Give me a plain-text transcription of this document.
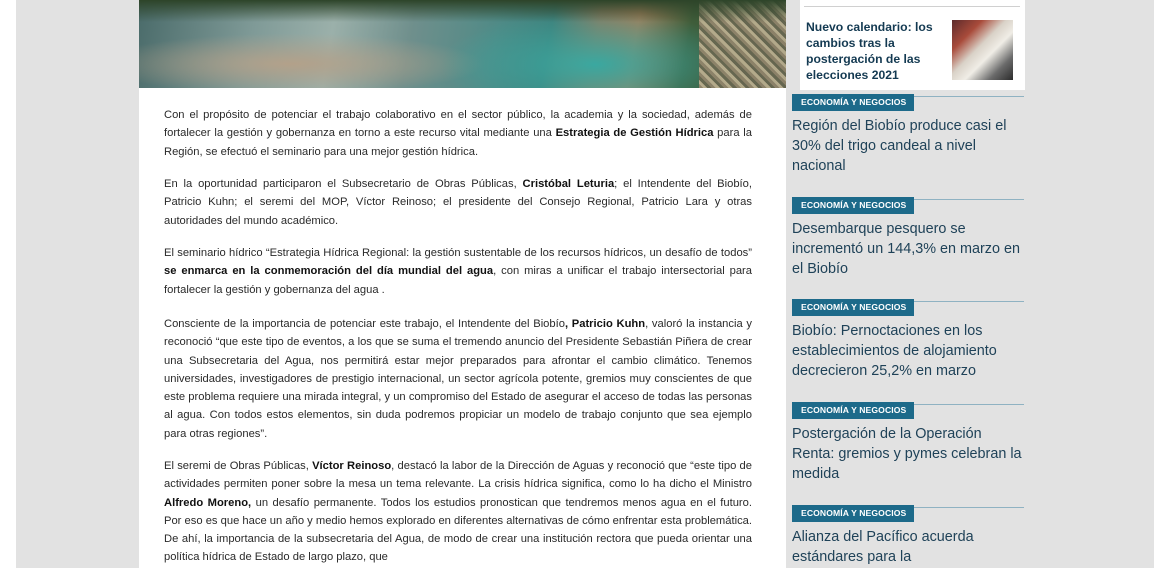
Con el propósito de potenciar el trabajo colaborativo en el sector público, la academia y la sociedad, además de fortalecer la gestión y gobernanza en torno a este recurso vital mediante una Estrategia de Gestión Hídrica para la Región, se efectuó el seminario para una mejor gestión hídrica.

En la oportunidad participaron el Subsecretario de Obras Públicas, Cristóbal Leturia; el Intendente del Biobío, Patricio Kuhn; el seremi del MOP, Víctor Reinoso; el presidente del Consejo Regional, Patricio Lara y otras autoridades del mundo académico.

El seminario hídrico “Estrategia Hídrica Regional: la gestión sustentable de los recursos hídricos, un desafío de todos” se enmarca en la conmemoración del día mundial del agua, con miras a unificar el trabajo intersectorial para fortalecer la gestión y gobernanza del agua .

Consciente de la importancia de potenciar este trabajo, el Intendente del Biobío, Patricio Kuhn, valoró la instancia y reconoció “que este tipo de eventos, a los que se suma el tremendo anuncio del Presidente Sebastián Piñera de crear una Subsecretaria del Agua, nos permitirá estar mejor preparados para afrontar el cambio climático. Tenemos universidades, investigadores de prestigio internacional, un sector agrícola potente, gremios muy conscientes de que este problema requiere una mirada integral, y un compromiso del Estado de asegurar el acceso de todas las personas al agua. Con todos estos elementos, sin duda podremos propiciar un modelo de trabajo conjunto que sea ejemplo para otras regiones”.

El seremi de Obras Públicas, Víctor Reinoso, destacó la labor de la Dirección de Aguas y reconoció que “este tipo de actividades permiten poner sobre la mesa un tema relevante. La crisis hídrica significa, como lo ha dicho el Ministro Alfredo Moreno, un desafío permanente. Todos los estudios pronostican que tendremos menos agua en el futuro. Por eso es que hace un año y medio hemos explorado en diferentes alternativas de cómo enfrentar esta problemática. De ahí, la importancia de la subsecretaria del Agua, de modo de crear una institución rectora que pueda orientar una política hídrica de Estado de largo plazo, que

Nuevo calendario: los cambios tras la postergación de las elecciones 2021
ECONOMÍA Y NEGOCIOS
Región del Biobío produce casi el 30% del trigo candeal a nivel nacional
ECONOMÍA Y NEGOCIOS
Desembarque pesquero se incrementó un 144,3% en marzo en el Biobío
ECONOMÍA Y NEGOCIOS
Biobío: Pernoctaciones en los establecimientos de alojamiento decrecieron 25,2% en marzo
ECONOMÍA Y NEGOCIOS
Postergación de la Operación Renta: gremios y pymes celebran la medida
ECONOMÍA Y NEGOCIOS
Alianza del Pacífico acuerda estándares para la
